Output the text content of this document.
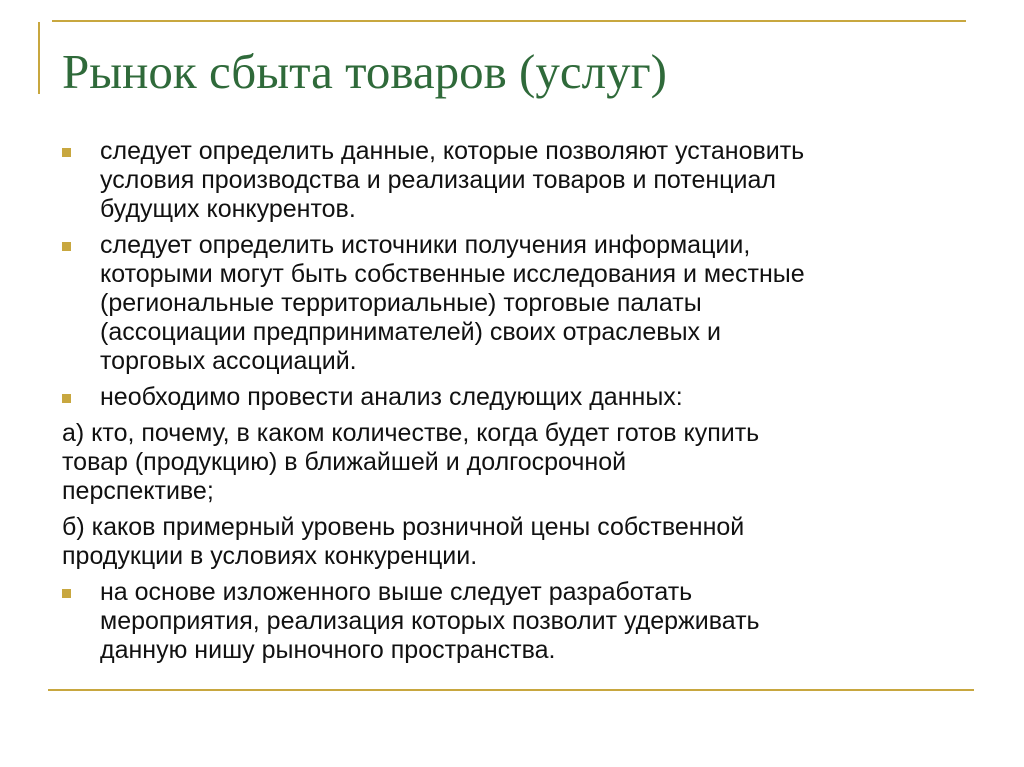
Рынок сбыта товаров (услуг)
следует определить данные, которые позволяют установить
условия производства и реализации товаров и потенциал
будущих конкурентов.
следует определить источники получения информации,
которыми могут быть собственные исследования и местные
(региональные территориальные) торговые палаты
(ассоциации предпринимателей) своих отраслевых и
торговых ассоциаций.
необходимо провести анализ следующих данных:
а) кто, почему, в каком количестве, когда будет готов купить
товар (продукцию) в ближайшей и долгосрочной
перспективе;
б) каков примерный уровень розничной цены собственной
продукции в условиях конкуренции.
на основе изложенного выше следует разработать
мероприятия, реализация которых позволит удерживать
данную нишу рыночного пространства.
